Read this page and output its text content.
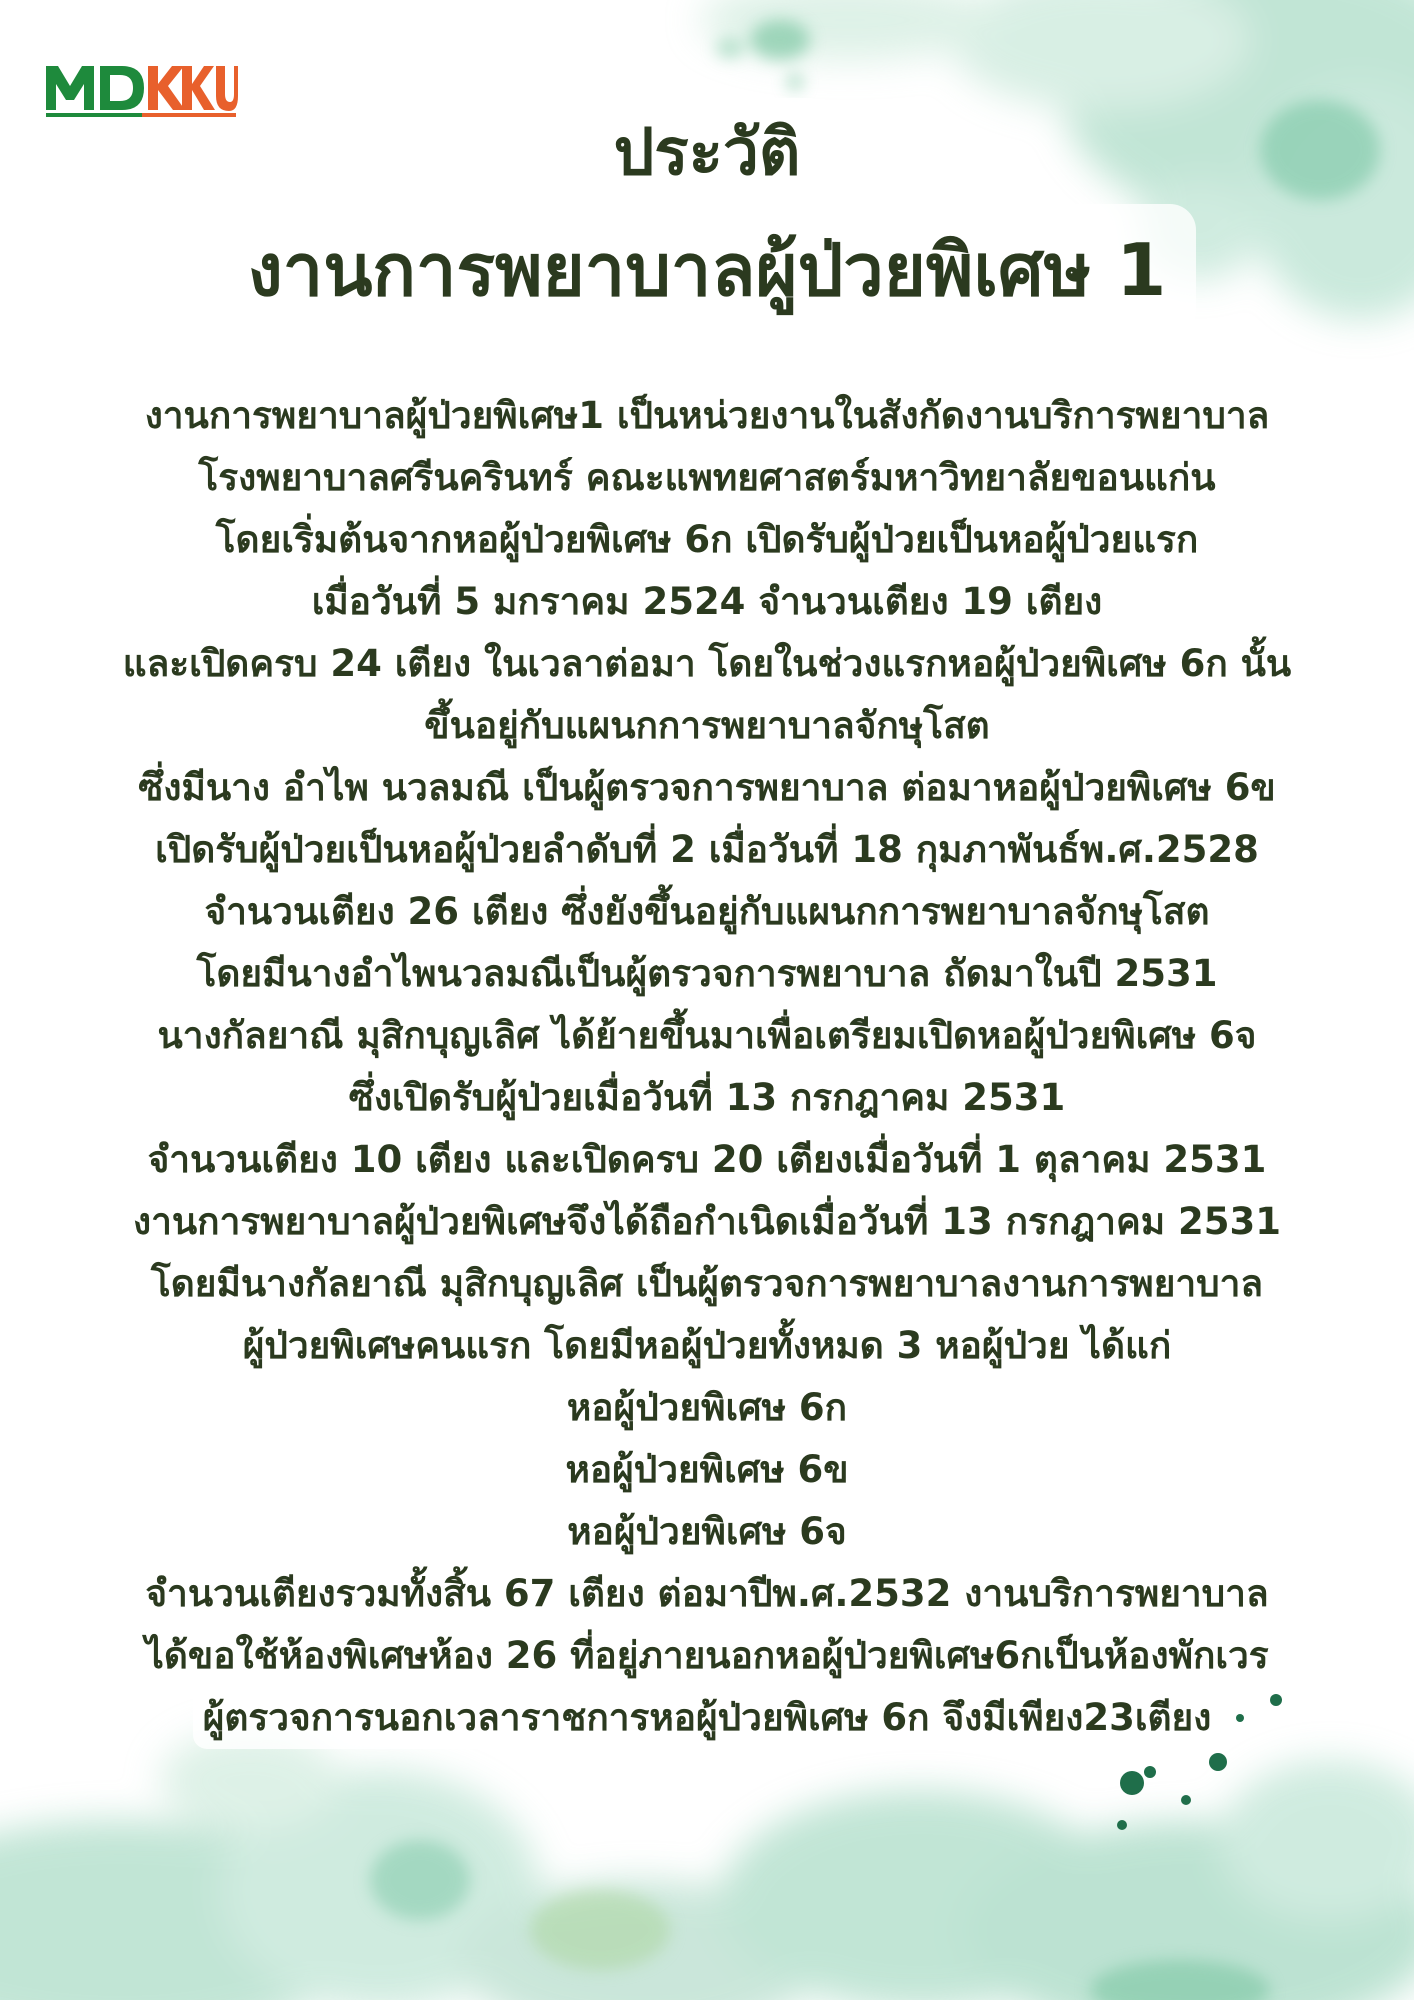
ประวัติ
งานการพยาบาลผู้ป่วยพิเศษ 1
งานการพยาบาลผู้ป่วยพิเศษ1 เป็นหน่วยงานในสังกัดงานบริการพยาบาล
โรงพยาบาลศรีนครินทร์ คณะแพทยศาสตร์มหาวิทยาลัยขอนแก่น
โดยเริ่มต้นจากหอผู้ป่วยพิเศษ 6ก เปิดรับผู้ป่วยเป็นหอผู้ป่วยแรก
เมื่อวันที่ 5 มกราคม 2524 จำนวนเตียง 19 เตียง
และเปิดครบ 24 เตียง ในเวลาต่อมา โดยในช่วงแรกหอผู้ป่วยพิเศษ 6ก นั้น
ขึ้นอยู่กับแผนกการพยาบาลจักษุโสต
ซึ่งมีนาง อำไพ นวลมณี เป็นผู้ตรวจการพยาบาล ต่อมาหอผู้ป่วยพิเศษ 6ข
เปิดรับผู้ป่วยเป็นหอผู้ป่วยลำดับที่ 2 เมื่อวันที่ 18 กุมภาพันธ์พ.ศ.2528
จำนวนเตียง 26 เตียง ซึ่งยังขึ้นอยู่กับแผนกการพยาบาลจักษุโสต
โดยมีนางอำไพนวลมณีเป็นผู้ตรวจการพยาบาล ถัดมาในปี 2531
นางกัลยาณี มุสิกบุญเลิศ ได้ย้ายขึ้นมาเพื่อเตรียมเปิดหอผู้ป่วยพิเศษ 6จ
ซึ่งเปิดรับผู้ป่วยเมื่อวันที่ 13 กรกฎาคม 2531
จำนวนเตียง 10 เตียง และเปิดครบ 20 เตียงเมื่อวันที่ 1 ตุลาคม 2531
งานการพยาบาลผู้ป่วยพิเศษจึงได้ถือกำเนิดเมื่อวันที่ 13 กรกฎาคม 2531
โดยมีนางกัลยาณี มุสิกบุญเลิศ เป็นผู้ตรวจการพยาบาลงานการพยาบาล
ผู้ป่วยพิเศษคนแรก โดยมีหอผู้ป่วยทั้งหมด 3 หอผู้ป่วย ได้แก่
หอผู้ป่วยพิเศษ 6ก
หอผู้ป่วยพิเศษ 6ข
หอผู้ป่วยพิเศษ 6จ
จำนวนเตียงรวมทั้งสิ้น 67 เตียง ต่อมาปีพ.ศ.2532 งานบริการพยาบาล
ได้ขอใช้ห้องพิเศษห้อง 26 ที่อยู่ภายนอกหอผู้ป่วยพิเศษ6กเป็นห้องพักเวร
ผู้ตรวจการนอกเวลาราชการหอผู้ป่วยพิเศษ 6ก จึงมีเพียง23เตียง
